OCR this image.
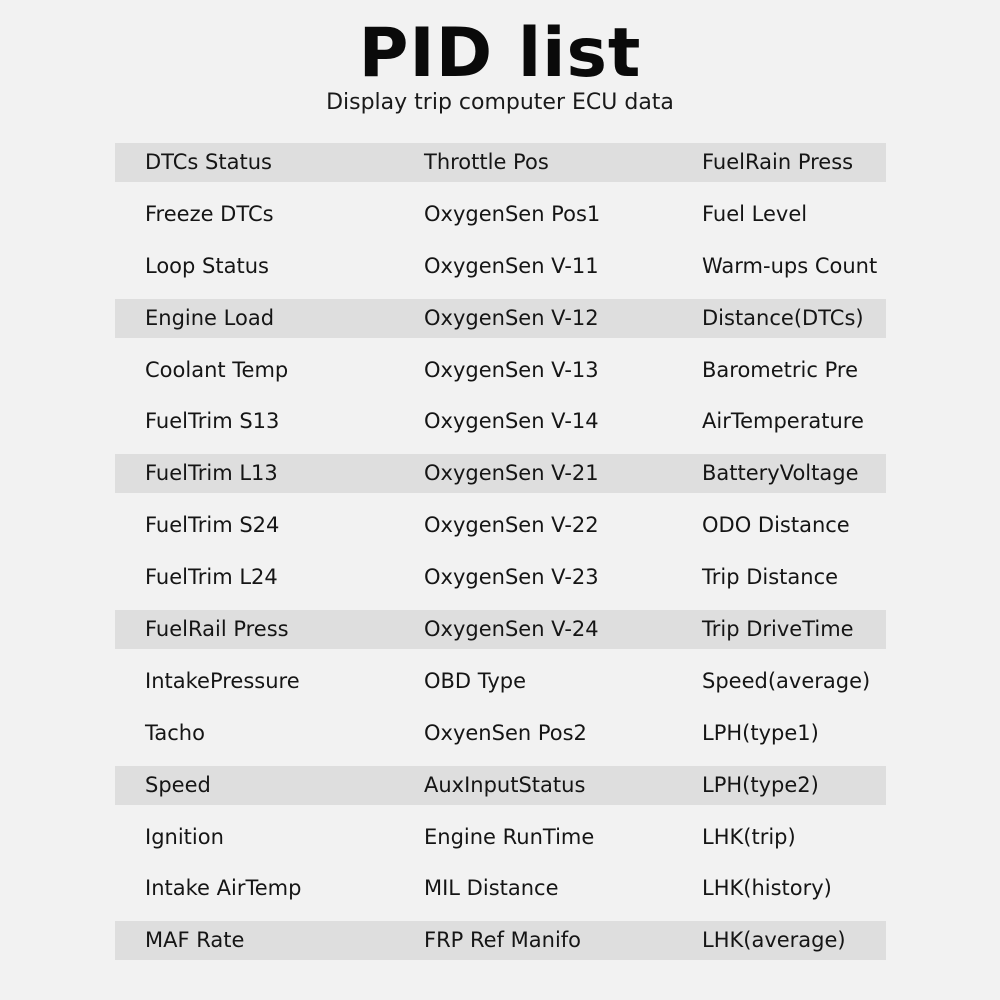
PID list
Display trip computer ECU data
DTCs Status	Throttle Pos	FuelRain Press
Freeze DTCs	OxygenSen Pos1	Fuel Level
Loop Status	OxygenSen V-11	Warm-ups Count
Engine Load	OxygenSen V-12	Distance(DTCs)
Coolant Temp	OxygenSen V-13	Barometric Pre
FuelTrim S13	OxygenSen V-14	AirTemperature
FuelTrim L13	OxygenSen V-21	BatteryVoltage
FuelTrim S24	OxygenSen V-22	ODO Distance
FuelTrim L24	OxygenSen V-23	Trip Distance
FuelRail Press	OxygenSen V-24	Trip DriveTime
IntakePressure	OBD Type	Speed(average)
Tacho	OxyenSen Pos2	LPH(type1)
Speed	AuxInputStatus	LPH(type2)
Ignition	Engine RunTime	LHK(trip)
Intake AirTemp	MIL Distance	LHK(history)
MAF Rate	FRP Ref Manifo	LHK(average)
